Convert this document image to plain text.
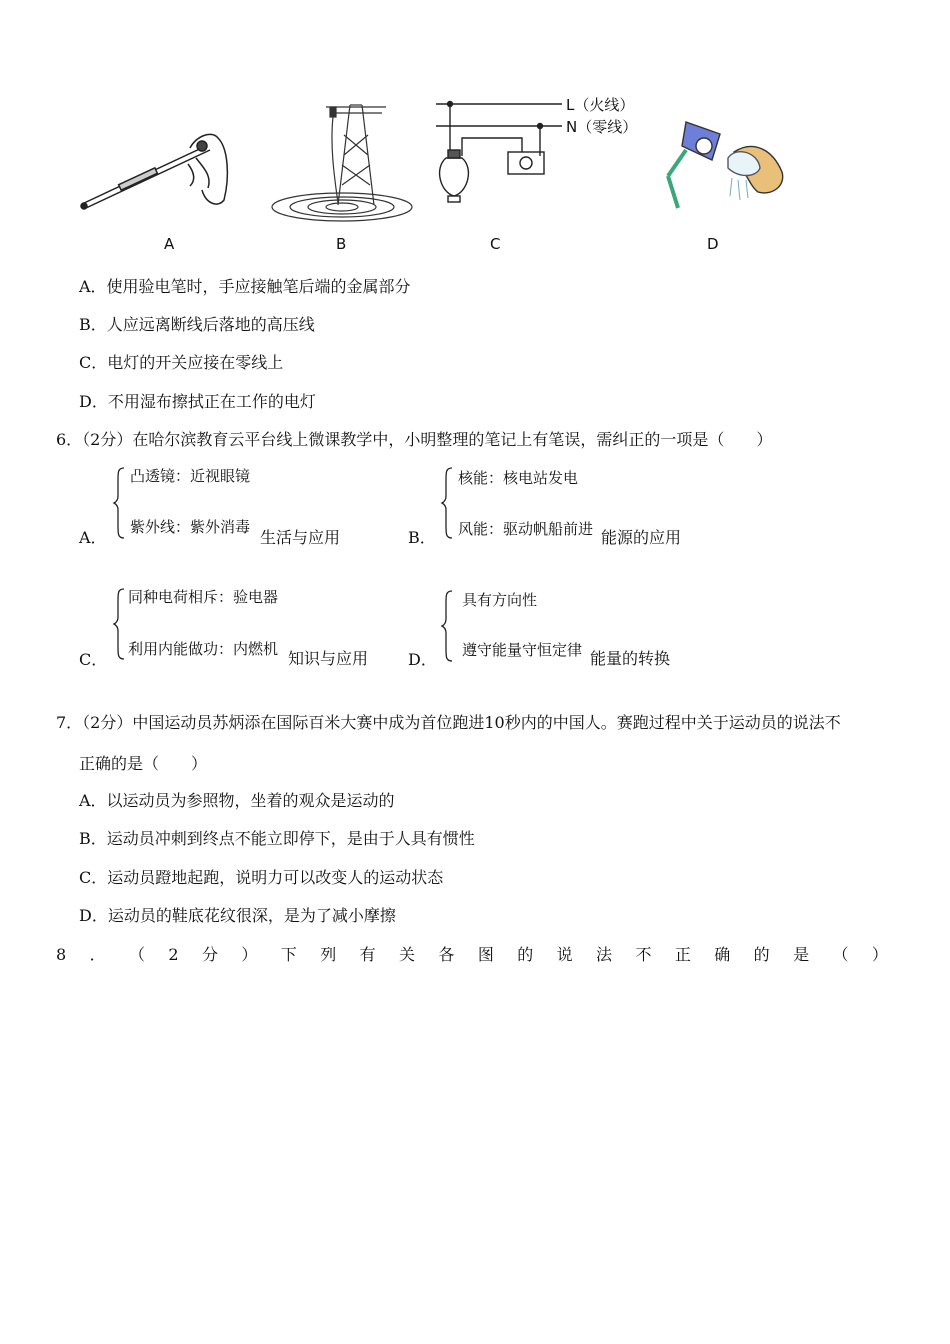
L（火线）
N（零线）
A	B	C	D
A．使用验电笔时，手应接触笔后端的金属部分
B．人应远离断线后落地的高压线
C．电灯的开关应接在零线上
D．不用湿布擦拭正在工作的电灯
6．（2分）在哈尔滨教育云平台线上微课教学中，小明整理的笔记上有笔误，需纠正的一项是（　　）
A．
凸透镜：近视眼镜
紫外线：紫外消毒
生活与应用	B．
核能：核电站发电
风能：驱动帆船前进 能源的应用
C．
同种电荷相斥：验电器
利用内能做功：内燃机 知识与应用 D．
具有方向性
遵守能量守恒定律 能量的转换
7．（2分）中国运动员苏炳添在国际百米大赛中成为首位跑进10秒内的中国人。赛跑过程中关于运动员的说法不
正确的是（　　）
A．以运动员为参照物，坐着的观众是运动的
B．运动员冲刺到终点不能立即停下，是由于人具有惯性
C．运动员蹬地起跑，说明力可以改变人的运动状态
D．运动员的鞋底花纹很深，是为了减小摩擦
8 ． （ 2 分 ） 下 列 有 关 各 图 的 说 法 不 正 确 的 是 （ ）
